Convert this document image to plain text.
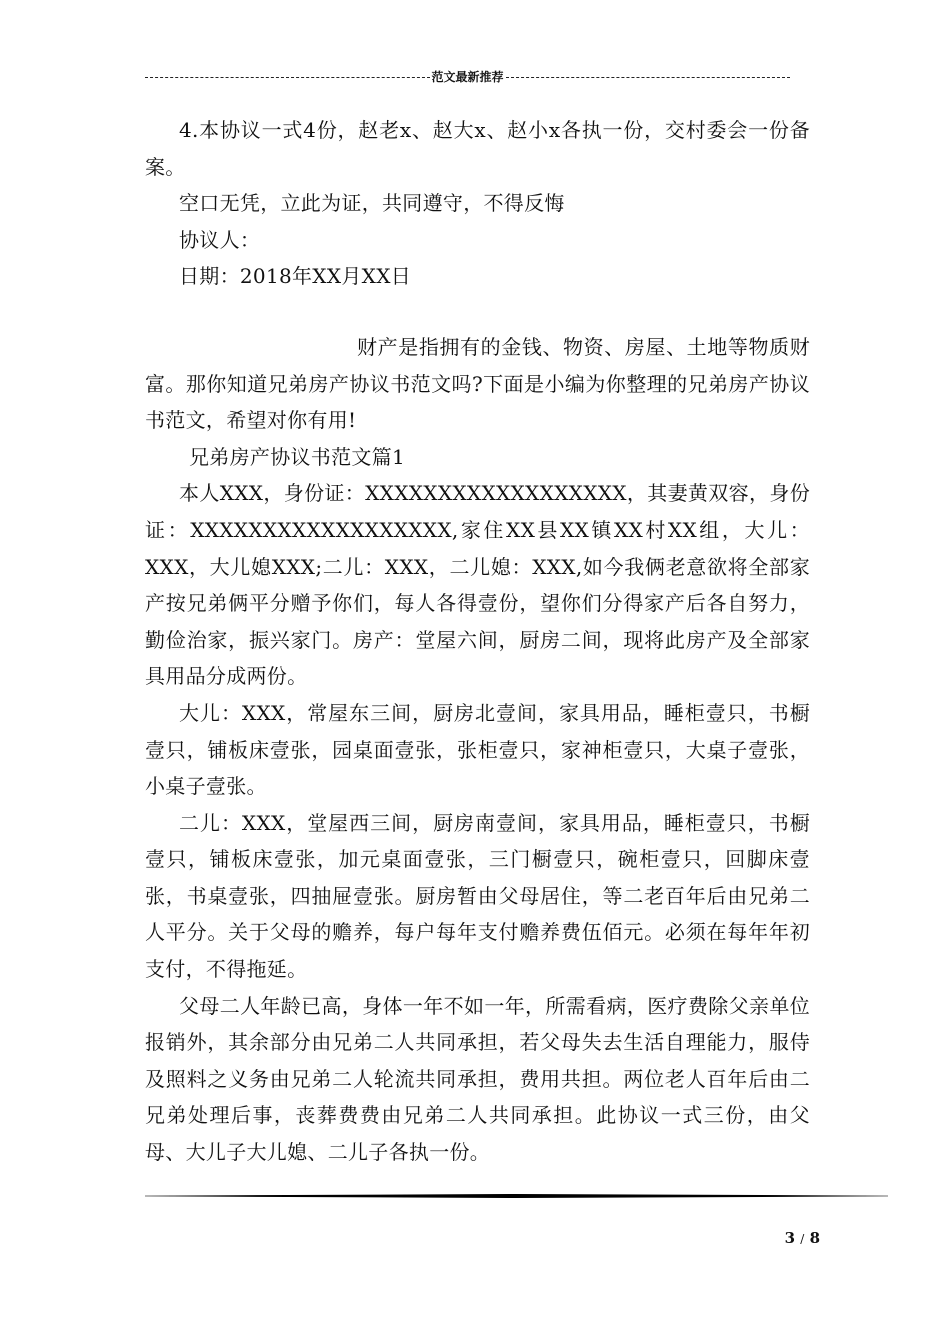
范文最新推荐

4.本协议一式4份，赵老x、赵大x、赵小x各执一份，交村委会一份备案。

空口无凭，立此为证，共同遵守，不得反悔

协议人：

日期：2018年XX月XX日

财产是指拥有的金钱、物资、房屋、土地等物质财富。那你知道兄弟房产协议书范文吗?下面是小编为你整理的兄弟房产协议书范文，希望对你有用!

兄弟房产协议书范文篇1

本人XXX，身份证：XXXXXXXXXXXXXXXXXX，其妻黄双容，身份证：XXXXXXXXXXXXXXXXXX,家住XX县XX镇XX村XX组，大儿：XXX，大儿媳XXX;二儿：XXX，二儿媳：XXX,如今我俩老意欲将全部家产按兄弟俩平分赠予你们，每人各得壹份，望你们分得家产后各自努力，勤俭治家，振兴家门。房产：堂屋六间，厨房二间，现将此房产及全部家具用品分成两份。

大儿：XXX，常屋东三间，厨房北壹间，家具用品，睡柜壹只，书橱壹只，铺板床壹张，园桌面壹张，张柜壹只，家神柜壹只，大桌子壹张，小桌子壹张。

二儿：XXX，堂屋西三间，厨房南壹间，家具用品，睡柜壹只，书橱壹只，铺板床壹张，加元桌面壹张，三门橱壹只，碗柜壹只，回脚床壹张，书桌壹张，四抽屉壹张。厨房暂由父母居住，等二老百年后由兄弟二人平分。关于父母的赡养，每户每年支付赡养费伍佰元。必须在每年年初支付，不得拖延。

父母二人年龄已高，身体一年不如一年，所需看病，医疗费除父亲单位报销外，其余部分由兄弟二人共同承担，若父母失去生活自理能力，服侍及照料之义务由兄弟二人轮流共同承担，费用共担。两位老人百年后由二兄弟处理后事，丧葬费费由兄弟二人共同承担。此协议一式三份，由父母、大儿子大儿媳、二儿子各执一份。

3 / 8
